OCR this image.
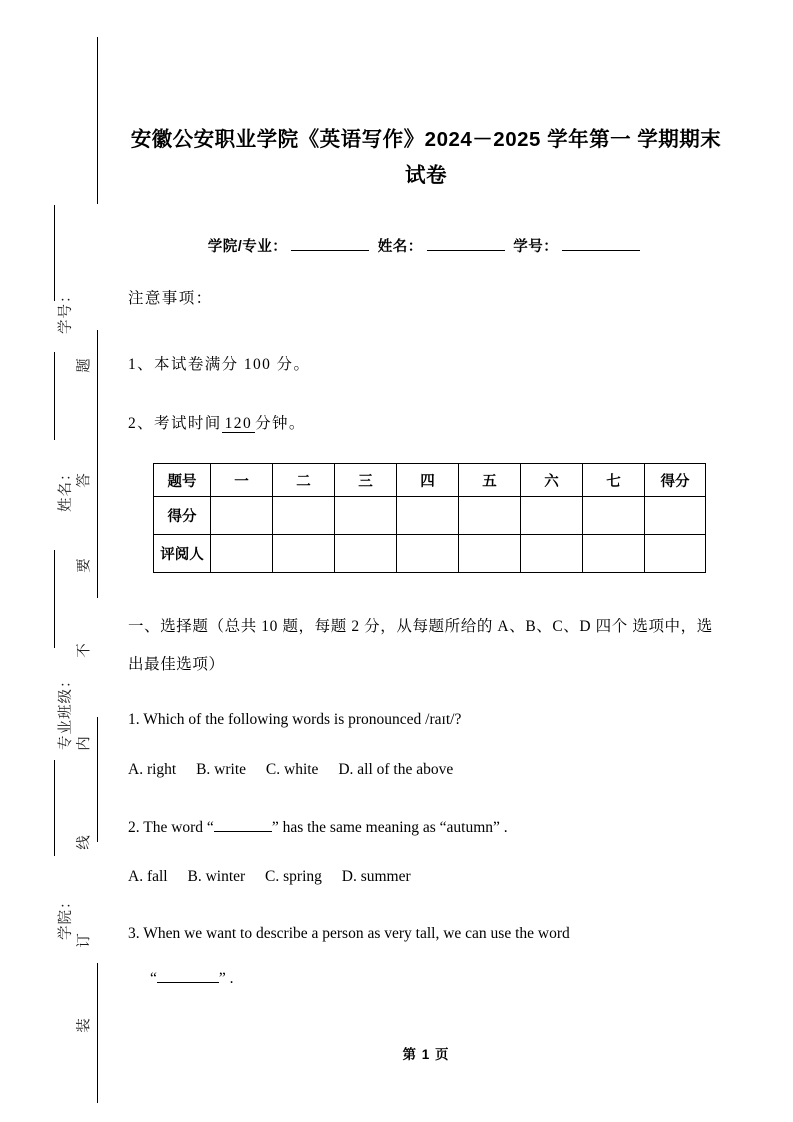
题
答
要
不
内
线
订
装
学号：
姓名：
专业班级：
学院：
安徽公安职业学院《英语写作》2024－2025 学年第一 学期期末试卷
学院/专业：	姓名：	学号：
注意事项：
1、本试卷满分 100 分。
2、考试时间 120 分钟。
题号	一	二	三	四	五	六	七	得分
得分								
评阅人								
一、选择题（总共 10 题，每题 2 分，从每题所给的 A、B、C、D 四个 选项中，选出最佳选项）
1. Which of the following words is pronounced /raɪt/?
A. right B. write C. white D. all of the above
2. The word “	” has the same meaning as “autumn” .
A. fall B. winter C. spring D. summer
3. When we want to describe a person as very tall, we can use the word
“	” .
第 1 页
